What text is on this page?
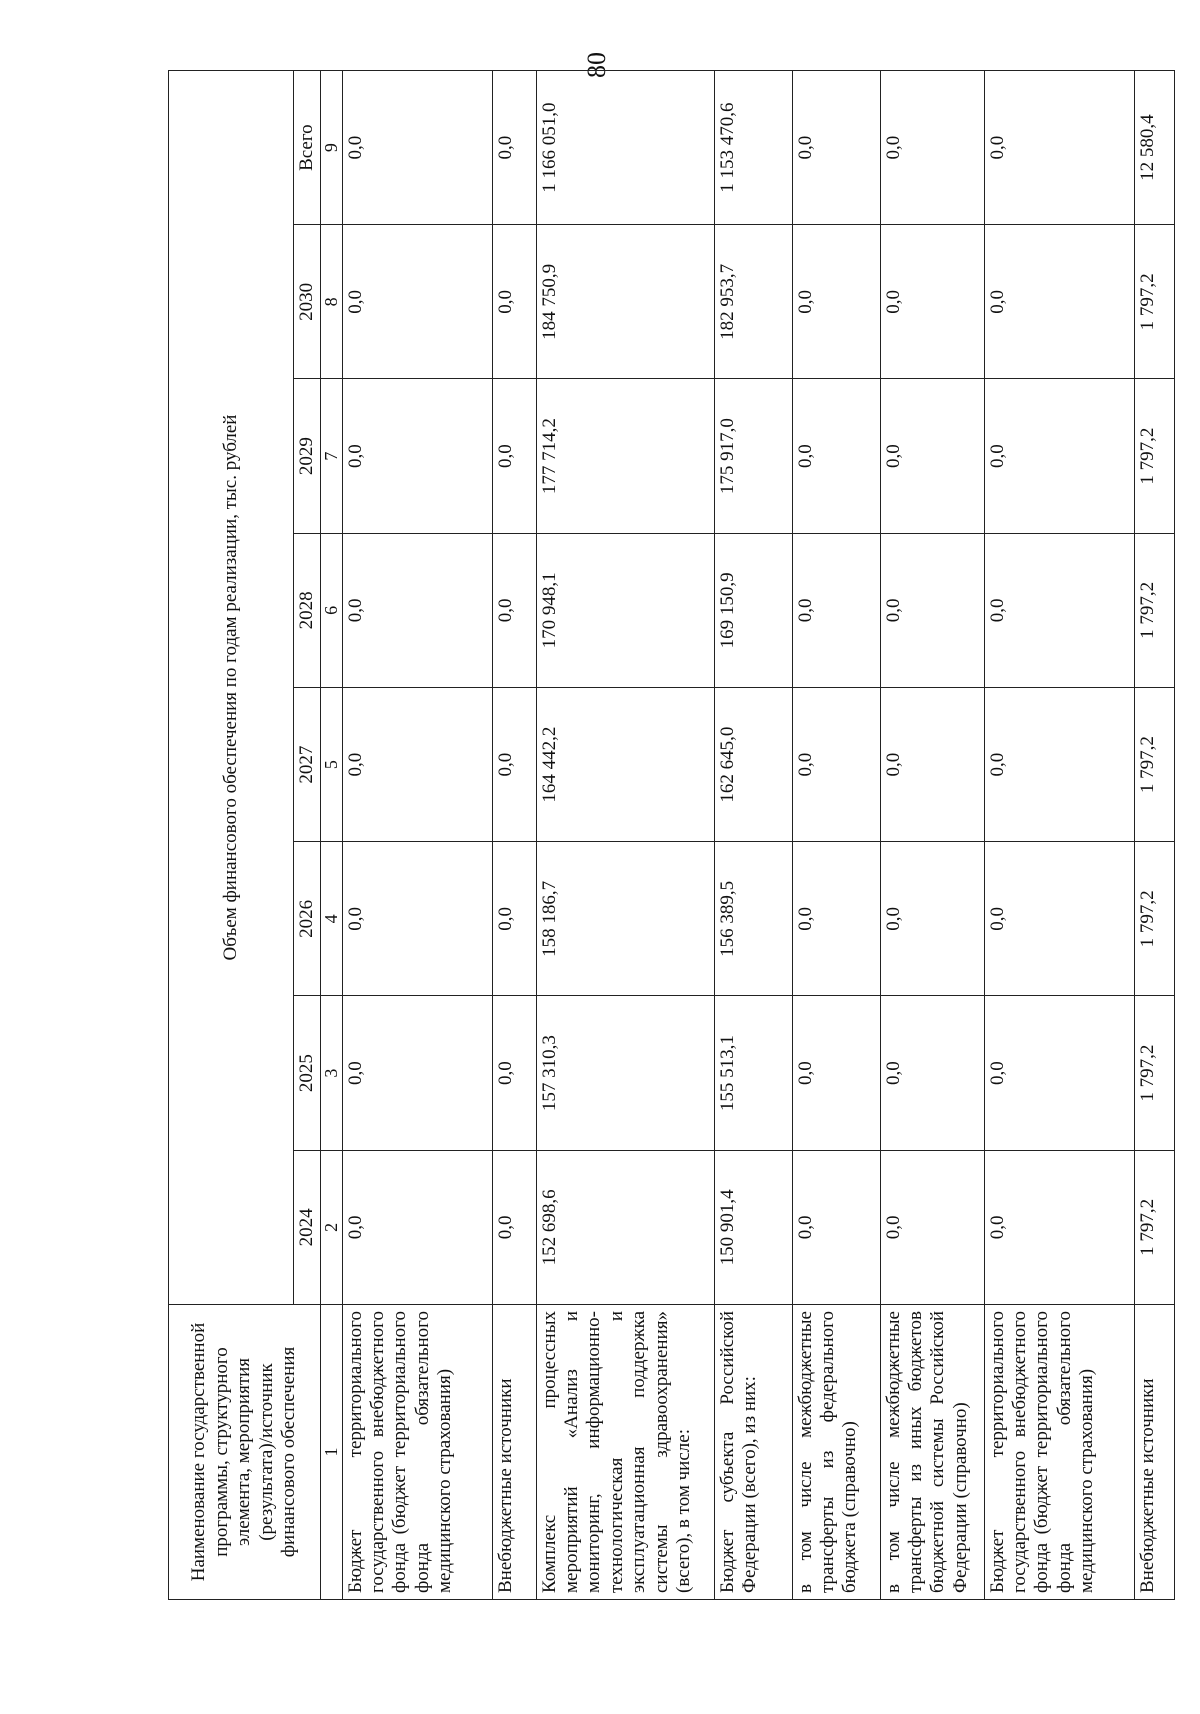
80
Наименование государственной программы, структурного элемента, мероприятия (результата)/источник финансового обеспечения	Объем финансового обеспечения по годам реализации, тыс. рублей							
	2024	2025	2026	2027	2028	2029	2030	Всего
1	2	3	4	5	6	7	8	9
Бюджет территориального государственного внебюджетного фонда (бюджет территориального фонда обязательного медицинского страхования)	0,0	0,0	0,0	0,0	0,0	0,0	0,0	0,0
Внебюджетные источники	0,0	0,0	0,0	0,0	0,0	0,0	0,0	0,0
Комплекс процессных мероприятий «Анализ и мониторинг, информационно-технологическая и эксплуатационная поддержка системы здравоохранения» (всего), в том числе:	152 698,6	157 310,3	158 186,7	164 442,2	170 948,1	177 714,2	184 750,9	1 166 051,0
Бюджет субъекта Российской Федерации (всего), из них:	150 901,4	155 513,1	156 389,5	162 645,0	169 150,9	175 917,0	182 953,7	1 153 470,6
в том числе межбюджетные трансферты из федерального бюджета (справочно)	0,0	0,0	0,0	0,0	0,0	0,0	0,0	0,0
в том числе межбюджетные трансферты из иных бюджетов бюджетной системы Российской Федерации (справочно)	0,0	0,0	0,0	0,0	0,0	0,0	0,0	0,0
Бюджет территориального государственного внебюджетного фонда (бюджет территориального фонда обязательного медицинского страхования)	0,0	0,0	0,0	0,0	0,0	0,0	0,0	0,0
Внебюджетные источники	1 797,2	1 797,2	1 797,2	1 797,2	1 797,2	1 797,2	1 797,2	12 580,4
